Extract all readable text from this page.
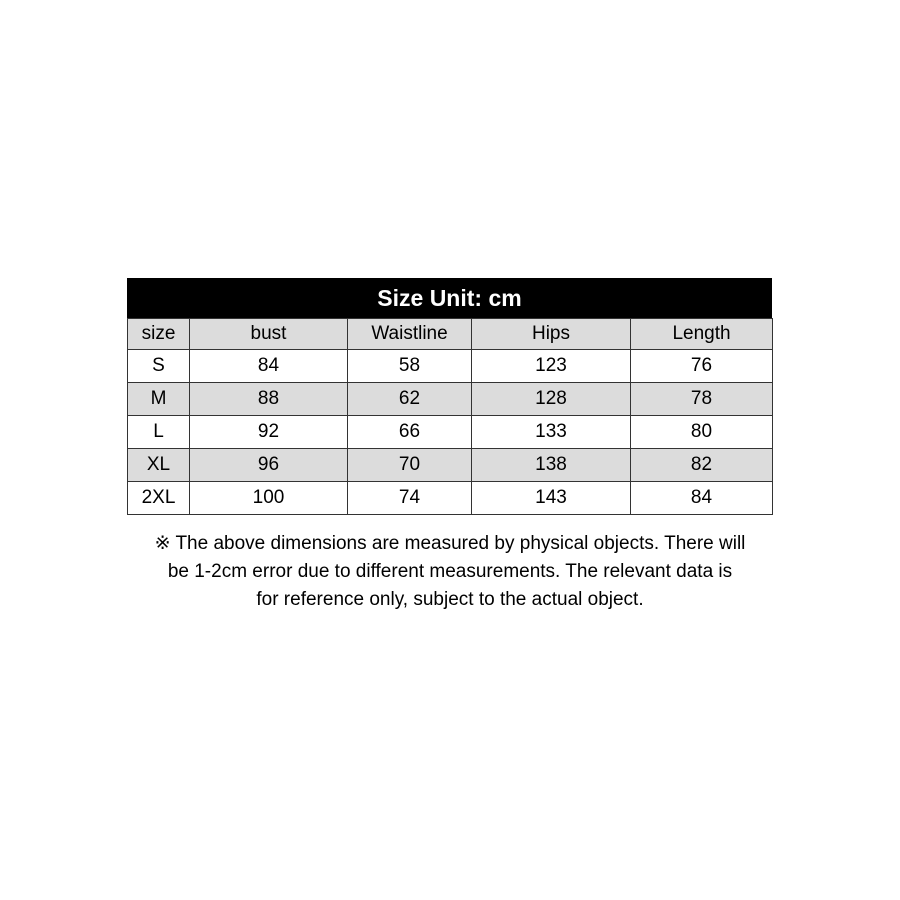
Size Unit: cm
size	bust	Waistline	Hips	Length
S	84	58	123	76
M	88	62	128	78
L	92	66	133	80
XL	96	70	138	82
2XL	100	74	143	84
※ The above dimensions are measured by physical objects. There will
be 1-2cm error due to different measurements. The relevant data is
for reference only, subject to the actual object.
